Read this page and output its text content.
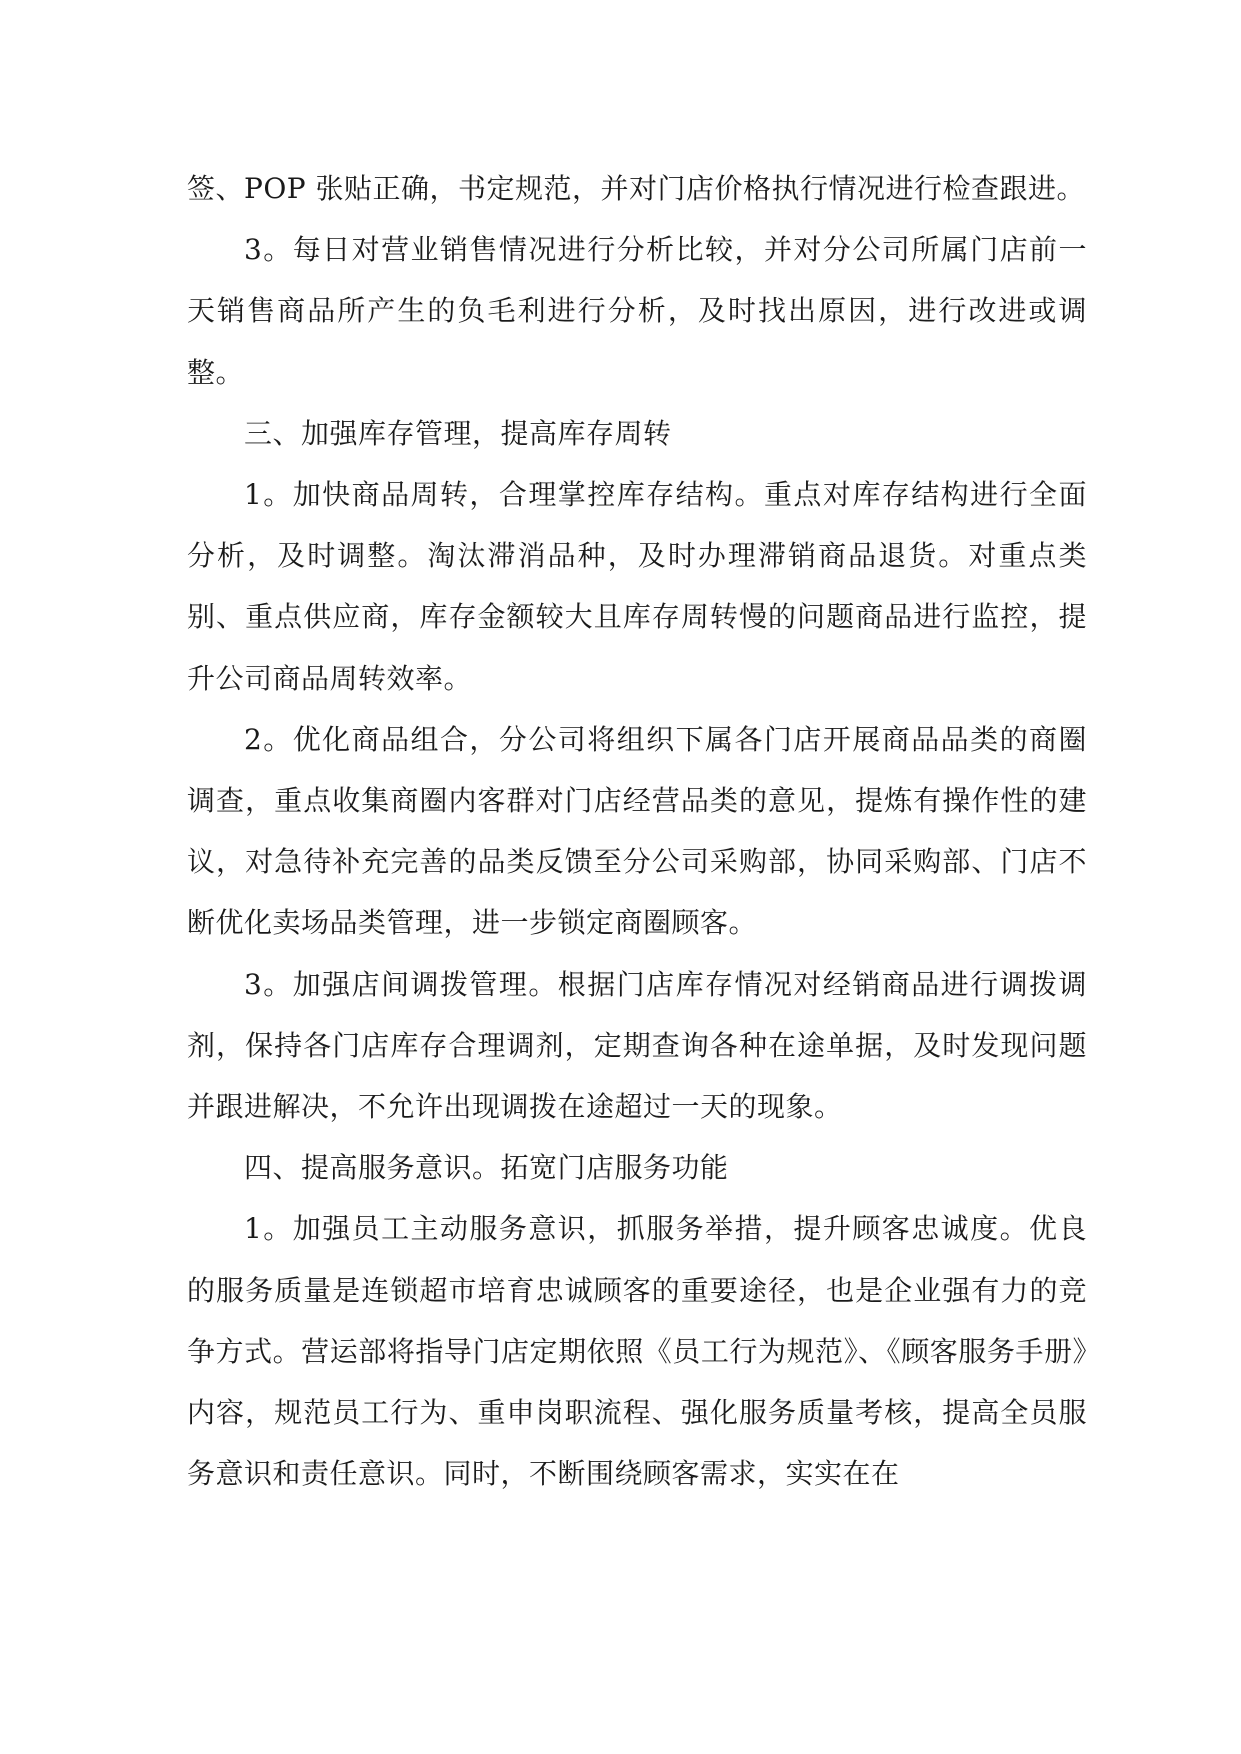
签、POP 张贴正确，书定规范，并对门店价格执行情况进行检查跟进。

3。每日对营业销售情况进行分析比较，并对分公司所属门店前一天销售商品所产生的负毛利进行分析，及时找出原因，进行改进或调整。

三、加强库存管理，提高库存周转

1。加快商品周转，合理掌控库存结构。重点对库存结构进行全面分析，及时调整。淘汰滞消品种，及时办理滞销商品退货。对重点类别、重点供应商，库存金额较大且库存周转慢的问题商品进行监控，提升公司商品周转效率。

2。优化商品组合，分公司将组织下属各门店开展商品品类的商圈调查，重点收集商圈内客群对门店经营品类的意见，提炼有操作性的建议，对急待补充完善的品类反馈至分公司采购部，协同采购部、门店不断优化卖场品类管理，进一步锁定商圈顾客。

3。加强店间调拨管理。根据门店库存情况对经销商品进行调拨调剂，保持各门店库存合理调剂，定期查询各种在途单据，及时发现问题并跟进解决，不允许出现调拨在途超过一天的现象。

四、提高服务意识。拓宽门店服务功能

1。加强员工主动服务意识，抓服务举措，提升顾客忠诚度。优良的服务质量是连锁超市培育忠诚顾客的重要途径，也是企业强有力的竞争方式。营运部将指导门店定期依照《员工行为规范》、《顾客服务手册》内容，规范员工行为、重申岗职流程、强化服务质量考核，提高全员服务意识和责任意识。同时，不断围绕顾客需求，实实在在
